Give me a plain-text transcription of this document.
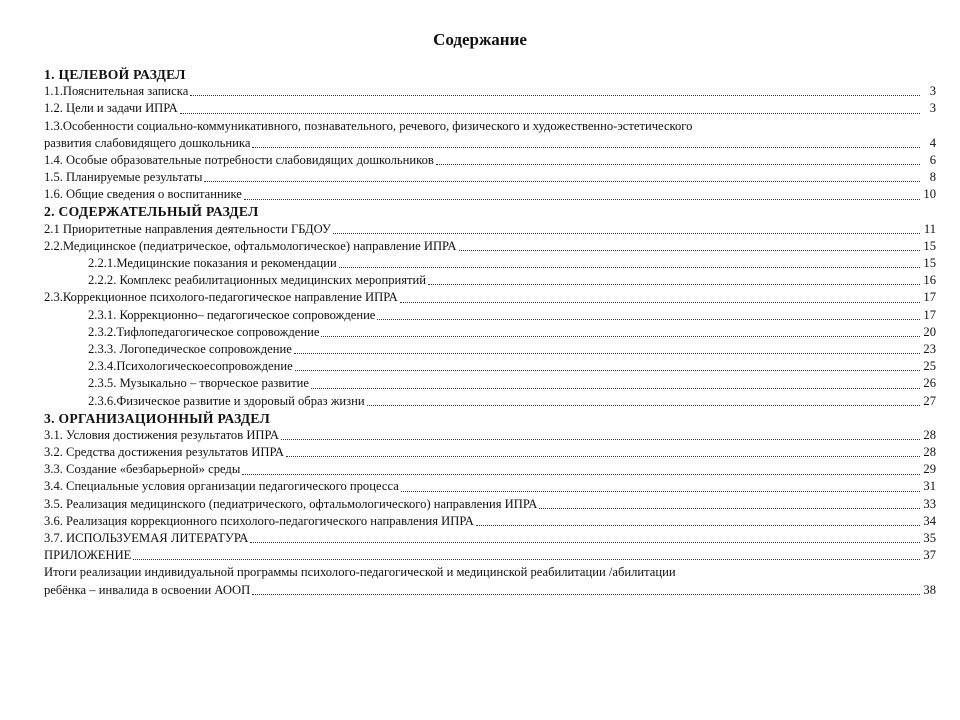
Содержание
1. ЦЕЛЕВОЙ РАЗДЕЛ
1.1.Пояснительная записка	3
1.2. Цели и задачи ИПРА	3
1.3.Особенности социально-коммуникативного, познавательного, речевого, физического и художественно-эстетического
развития слабовидящего дошкольника	4
1.4. Особые образовательные потребности слабовидящих дошкольников	6
1.5. Планируемые результаты	8
1.6. Общие сведения о воспитаннике	10
2. СОДЕРЖАТЕЛЬНЫЙ РАЗДЕЛ
2.1 Приоритетные направления деятельности ГБДОУ	11
2.2.Медицинское (педиатрическое, офтальмологическое) направление ИПРА	15
2.2.1.Медицинские показания и рекомендации	15
2.2.2. Комплекс реабилитационных медицинских мероприятий	16
2.3.Коррекционное психолого-педагогическое направление ИПРА	17
2.3.1. Коррекционно– педагогическое сопровождение	17
2.3.2.Тифлопедагогическое сопровождение	20
2.3.3. Логопедическое сопровождение	23
2.3.4.Психологическоесопровождение	25
2.3.5. Музыкально – творческое развитие	26
2.3.6.Физическое развитие и здоровый образ жизни	27
3. ОРГАНИЗАЦИОННЫЙ РАЗДЕЛ
3.1. Условия достижения результатов ИПРА	28
3.2. Средства достижения результатов ИПРА	28
3.3. Создание «безбарьерной» среды	29
3.4. Специальные условия организации педагогического процесса	31
3.5. Реализация медицинского (педиатрического, офтальмологического) направления ИПРА	33
3.6. Реализация коррекционного психолого-педагогического направления ИПРА	34
3.7. ИСПОЛЬЗУЕМАЯ ЛИТЕРАТУРА	35
ПРИЛОЖЕНИЕ	37
Итоги реализации индивидуальной программы психолого-педагогической и медицинской реабилитации /абилитации
ребёнка – инвалида в освоении АООП	38
